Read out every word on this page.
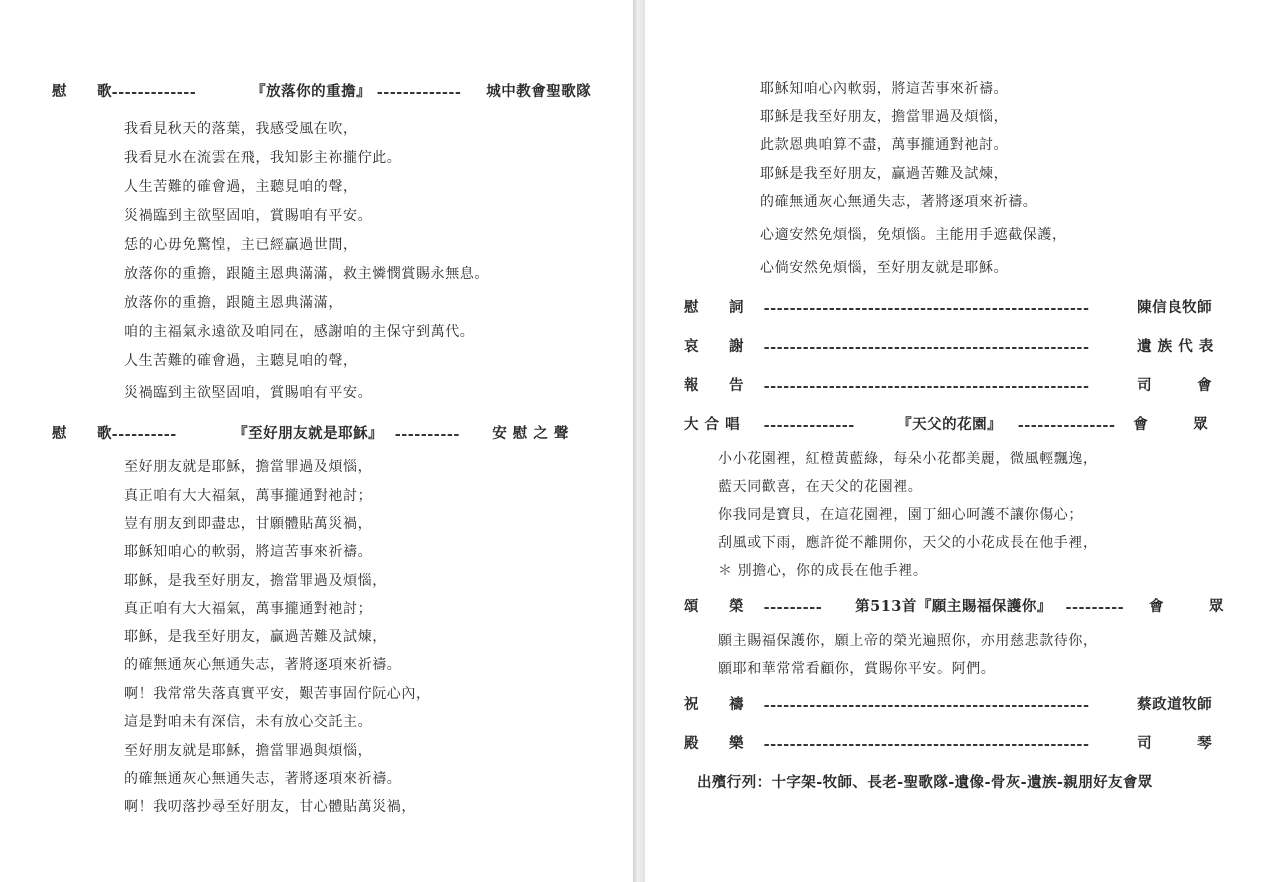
慰　　歌 -------------	『放落你的重擔』 ------------- 城中教會聖歌隊
我看見秋天的落葉，我感受風在吹，
我看見水在流雲在飛，我知影主祢攏佇此。
人生苦難的確會過，主聽見咱的聲，
災禍臨到主欲堅固咱，賞賜咱有平安。
恁的心毋免驚惶，主已經贏過世間，
放落你的重擔，跟隨主恩典滿滿，救主憐憫賞賜永無息。
放落你的重擔，跟隨主恩典滿滿，
咱的主福氣永遠欲及咱同在，感謝咱的主保守到萬代。
人生苦難的確會過，主聽見咱的聲，
災禍臨到主欲堅固咱，賞賜咱有平安。
慰　　歌 ----------	『至好朋友就是耶穌』 ---------- 安 慰 之 聲
至好朋友就是耶穌，擔當罪過及煩惱，
真正咱有大大福氣，萬事攏通對祂討；
豈有朋友到即盡忠，甘願體貼萬災禍，
耶穌知咱心的軟弱，將這苦事來祈禱。
耶穌，是我至好朋友，擔當罪過及煩惱，
真正咱有大大福氣，萬事攏通對祂討；
耶穌，是我至好朋友，贏過苦難及試煉，
的確無通灰心無通失志，著將逐項來祈禱。
啊！我常常失落真實平安，艱苦事固佇阮心內，
這是對咱未有深信，未有放心交託主。
至好朋友就是耶穌，擔當罪過與煩惱，
的確無通灰心無通失志，著將逐項來祈禱。
啊！我叨落抄尋至好朋友，甘心體貼萬災禍，
耶穌知咱心內軟弱，將這苦事來祈禱。
耶穌是我至好朋友，擔當罪過及煩惱，
此款恩典咱算不盡，萬事攏通對祂討。
耶穌是我至好朋友，贏過苦難及試煉，
的確無通灰心無通失志，著將逐項來祈禱。
心適安然免煩惱，免煩惱。主能用手遮截保護，
心倘安然免煩惱，至好朋友就是耶穌。
慰　　詞 --------------------------------------------------	陳信良牧師
哀　　謝 --------------------------------------------------	遺 族 代 表
報　　告 --------------------------------------------------	司　　　會
大 合 唱 --------------	『天父的花園』 --------------- 會　　　眾
小小花園裡，紅橙黃藍綠，每朵小花都美麗，微風輕飄逸，
藍天同歡喜，在天父的花園裡。
你我同是寶貝，在這花園裡，園丁細心呵護不讓你傷心；
刮風或下雨，應許從不離開你，天父的小花成長在他手裡，
＊ 別擔心，你的成長在他手裡。
頌　　榮 --------- 第513首『願主賜福保護你』 --------- 會　　　眾
願主賜福保護你，願上帝的榮光遍照你，亦用慈悲款待你，
願耶和華常常看顧你，賞賜你平安。阿們。
祝　　禱 --------------------------------------------------	蔡政道牧師
殿　　樂 --------------------------------------------------	司　　　琴
出殯行列：十字架-牧師、長老-聖歌隊-遺像-骨灰-遺族-親朋好友會眾
